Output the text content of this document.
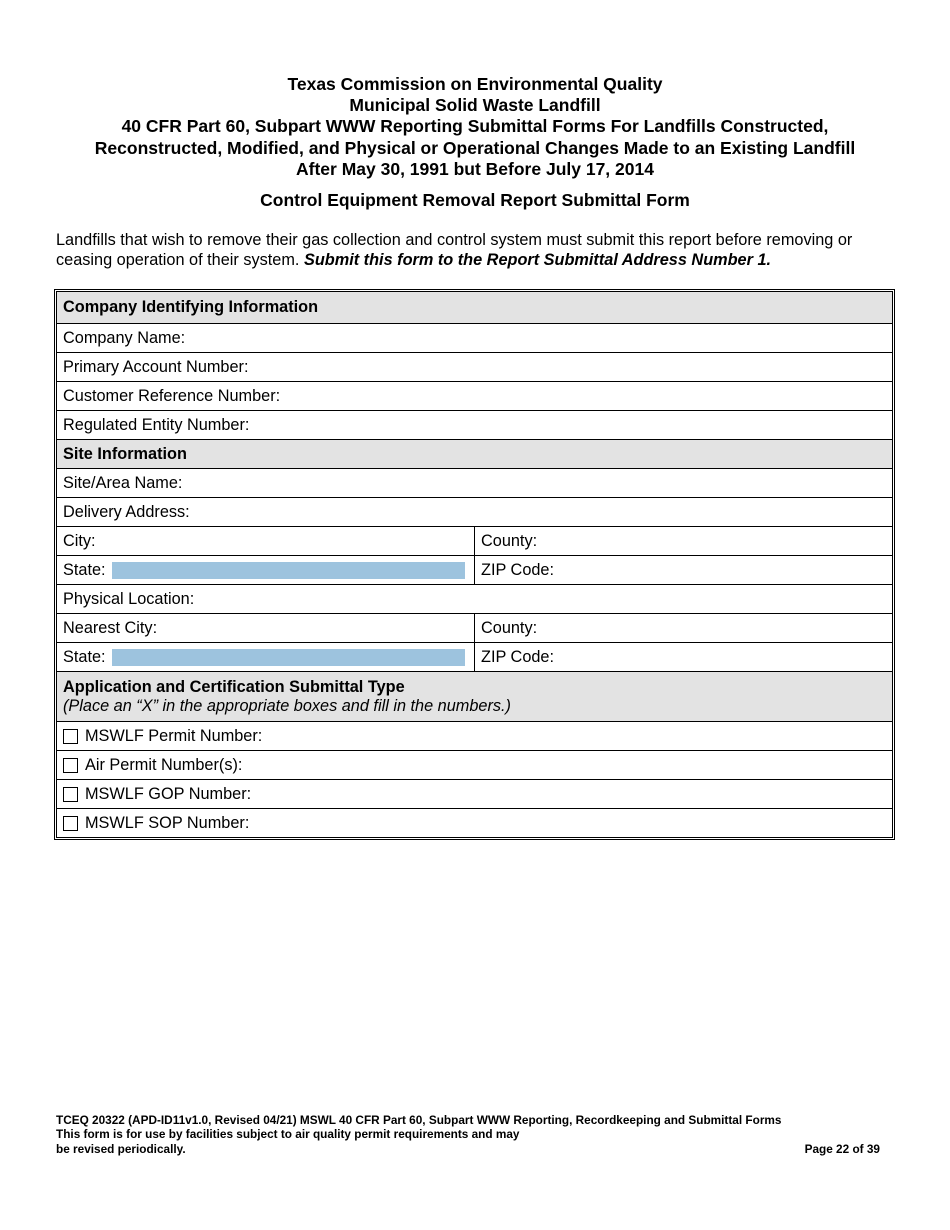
Texas Commission on Environmental Quality
Municipal Solid Waste Landfill
40 CFR Part 60, Subpart WWW Reporting Submittal Forms For Landfills Constructed,
Reconstructed, Modified, and Physical or Operational Changes Made to an Existing Landfill
After May 30, 1991 but Before July 17, 2014
Control Equipment Removal Report Submittal Form
Landfills that wish to remove their gas collection and control system must submit this report before removing or ceasing operation of their system. Submit this form to the Report Submittal Address Number 1.
Company Identifying Information
Company Name:
Primary Account Number:
Customer Reference Number:
Regulated Entity Number:
Site Information
Site/Area Name:
Delivery Address:
City:	County:
State:	ZIP Code:
Physical Location:
Nearest City:	County:
State:	ZIP Code:
Application and Certification Submittal Type
(Place an “X” in the appropriate boxes and fill in the numbers.)
MSWLF Permit Number:
Air Permit Number(s):
MSWLF GOP Number:
MSWLF SOP Number:
TCEQ 20322 (APD-ID11v1.0, Revised 04/21) MSWL 40 CFR Part 60, Subpart WWW Reporting, Recordkeeping and Submittal Forms
This form is for use by facilities subject to air quality permit requirements and may
be revised periodically.	Page 22 of 39
